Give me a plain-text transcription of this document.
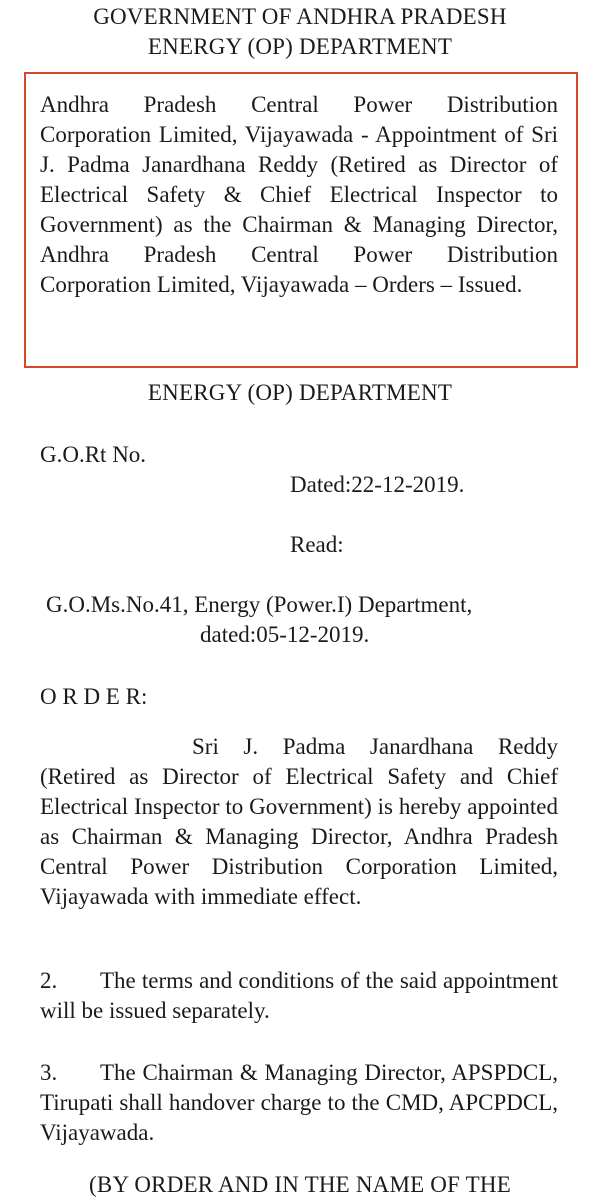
GOVERNMENT OF ANDHRA PRADESH
ENERGY (OP) DEPARTMENT
Andhra Pradesh Central Power Distribution Corporation Limited, Vijayawada - Appointment of Sri J. Padma Janardhana Reddy (Retired as Director of Electrical Safety & Chief Electrical Inspector to Government) as the Chairman & Managing Director, Andhra Pradesh Central Power Distribution Corporation Limited, Vijayawada – Orders – Issued.
ENERGY (OP) DEPARTMENT
G.O.Rt No.
Dated:22-12-2019.
Read:
G.O.Ms.No.41, Energy (Power.I) Department,
dated:05-12-2019.
O R D E R:
Sri J. Padma Janardhana Reddy (Retired as Director of Electrical Safety and Chief Electrical Inspector to Government) is hereby appointed as Chairman & Managing Director, Andhra Pradesh Central Power Distribution Corporation Limited, Vijayawada with immediate effect.
2. The terms and conditions of the said appointment will be issued separately.
3. The Chairman & Managing Director, APSPDCL, Tirupati shall handover charge to the CMD, APCPDCL, Vijayawada.
(BY ORDER AND IN THE NAME OF THE
